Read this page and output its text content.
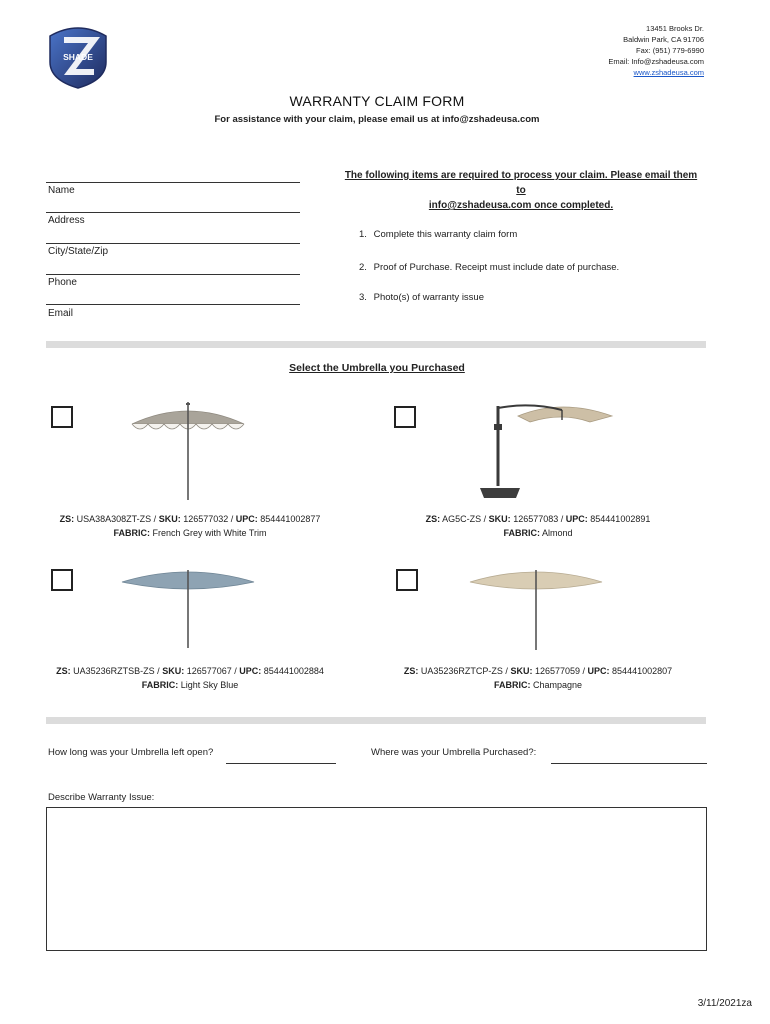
SHADE
13451 Brooks Dr.
Baldwin Park, CA 91706
Fax: (951) 779-6990
Email: Info@zshadeusa.com
www.zshadeusa.com
WARRANTY CLAIM FORM
For assistance with your claim, please email us at info@zshadeusa.com
Name
Address
City/State/Zip
Phone
Email
The following items are required to process your claim. Please email them to
info@zshadeusa.com once completed.
1. Complete this warranty claim form
2. Proof of Purchase. Receipt must include date of purchase.
3. Photo(s) of warranty issue
Select the Umbrella you Purchased
ZS: USA38A308ZT-ZS / SKU: 126577032 / UPC: 854441002877
FABRIC: French Grey with White Trim
ZS: AG5C-ZS / SKU: 126577083 / UPC: 854441002891
FABRIC: Almond
ZS: UA35236RZTSB-ZS / SKU: 126577067 / UPC: 854441002884
FABRIC: Light Sky Blue
ZS: UA35236RZTCP-ZS / SKU: 126577059 / UPC: 854441002807
FABRIC: Champagne
How long was your Umbrella left open?	Where was your Umbrella Purchased?:
Describe Warranty Issue:
3/11/2021za
